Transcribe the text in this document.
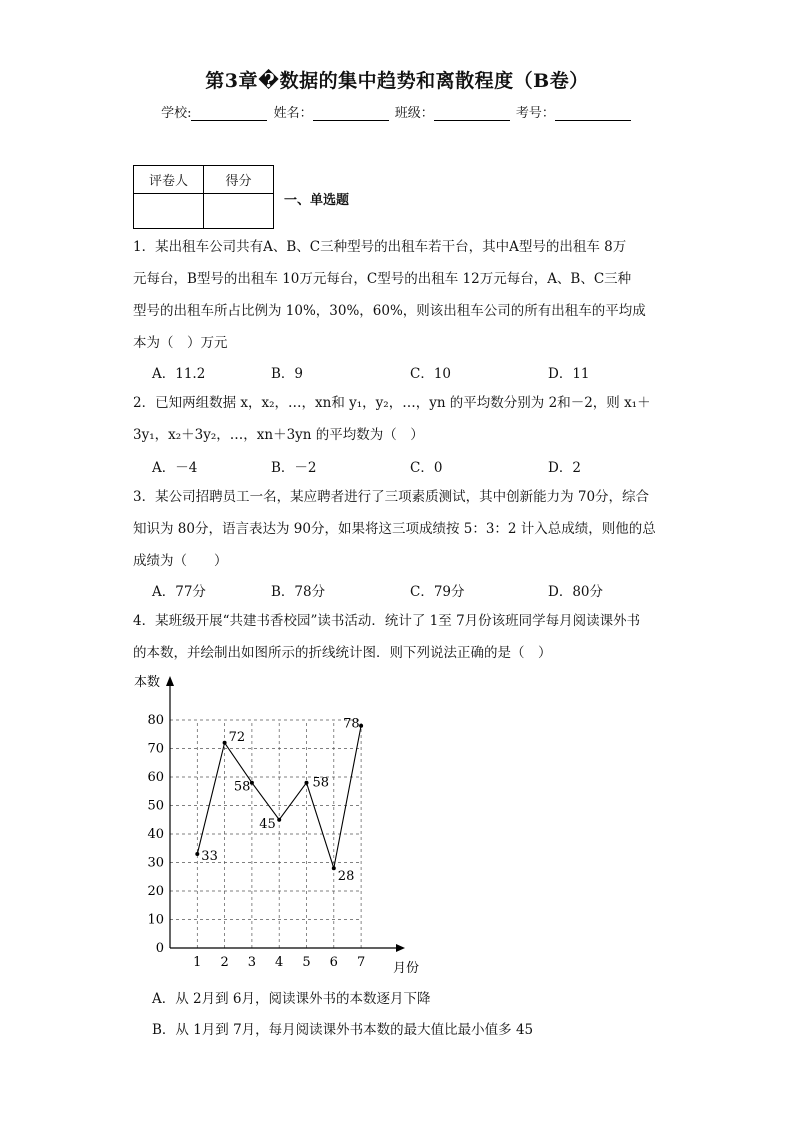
第3章�数据的集中趋势和离散程度（B卷）
学校:	姓名：	班级：	考号：
评卷人	得分

一、单选题
1．某出租车公司共有A、B、C三种型号的出租车若干台，其中A型号的出租车 8万
元每台，B型号的出租车 10万元每台，C型号的出租车 12万元每台，A、B、C三种
型号的出租车所占比例为 10%，30%，60%，则该出租车公司的所有出租车的平均成
本为（　）万元
A．11.2	B．9	C．10	D．11
2．已知两组数据 x，x₂，…，xn和 y₁，y₂，…，yn 的平均数分别为 2和－2，则 x₁＋
3y₁，x₂＋3y₂，…，xn＋3yn 的平均数为（　）
A．－4	B．－2	C．0	D．2
3．某公司招聘员工一名，某应聘者进行了三项素质测试，其中创新能力为 70分，综合
知识为 80分，语言表达为 90分，如果将这三项成绩按 5：3：2 计入总成绩，则他的总
成绩为（　　）
A．77分	B．78分	C．79分	D．80分
4．某班级开展“共建书香校园”读书活动．统计了 1至 7月份该班同学每月阅读课外书
的本数，并绘制出如图所示的折线统计图．则下列说法正确的是（　）
本数
月份
0
10
20
30
40
50
60
70
80
1 2 3 4 5 6 7
33
72
58
45
58
28
78
A．从 2月到 6月，阅读课外书的本数逐月下降
B．从 1月到 7月，每月阅读课外书本数的最大值比最小值多 45
